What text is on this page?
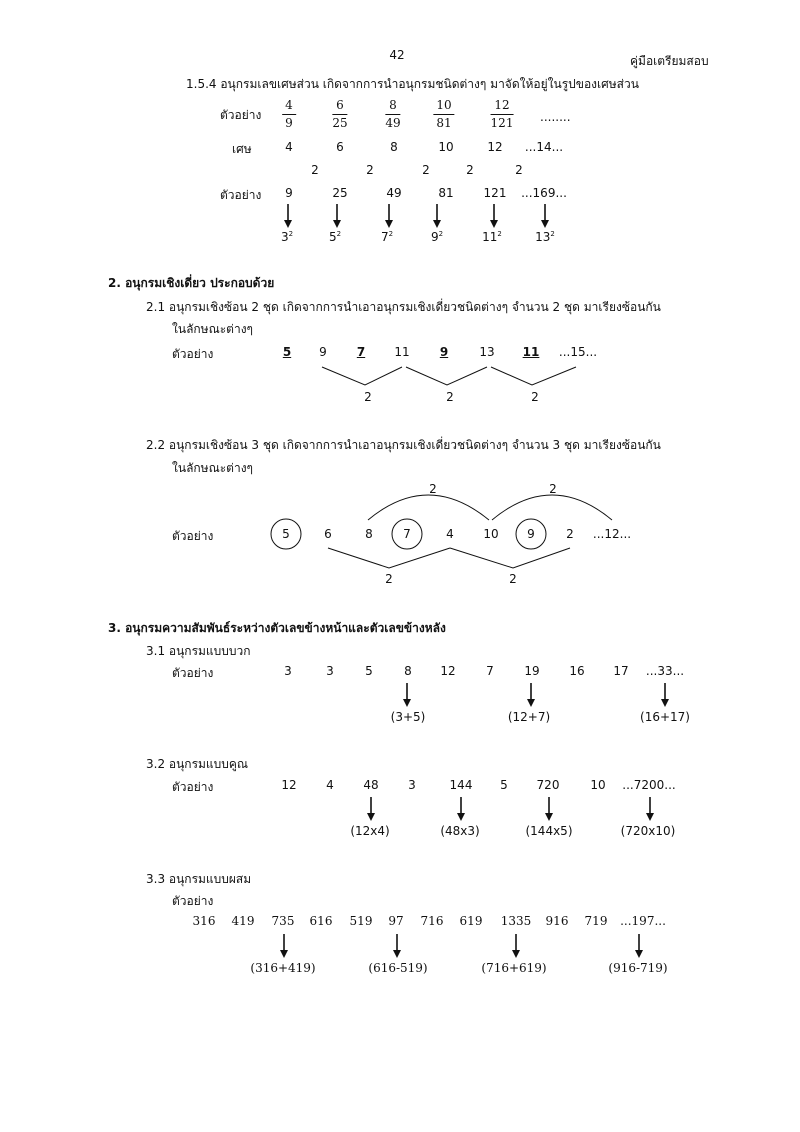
42	คู่มือเตรียมสอบ
1.5.4 อนุกรมเลขเศษส่วน เกิดจากการนำอนุกรมชนิดต่างๆ มาจัดให้อยู่ในรูปของเศษส่วน
ตัวอย่าง $\frac{4}{9}$	$\frac{6}{25}$	$\frac{8}{49}$	$\frac{10}{81}$	$\frac{12}{121}$ ........
เศษ	4	6	8	10	12 ...14...
2	2	2	2	2
ตัวอย่าง 9	25	49	81 121 ...169...
$3^2$	$5^2$	$7^2$	$9^2$	$11^2$	$13^2$
2. อนุกรมเชิงเดี่ยว ประกอบด้วย
2.1 อนุกรมเชิงซ้อน 2 ชุด เกิดจากการนำเอาอนุกรมเชิงเดี่ยวชนิดต่างๆ จำนวน 2 ชุด มาเรียงซ้อนกัน
ในลักษณะต่างๆ
ตัวอย่าง	5 9	7 11	9	13 11 ...15...
2	2	2
2.2 อนุกรมเชิงซ้อน 3 ชุด เกิดจากการนำเอาอนุกรมเชิงเดี่ยวชนิดต่างๆ จำนวน 3 ชุด มาเรียงซ้อนกัน
ในลักษณะต่างๆ
2	2
ตัวอย่าง	5	6	8	7	4 10 9	2 ...12...
2	2
3. อนุกรมความสัมพันธ์ระหว่างตัวเลขข้างหน้าและตัวเลขข้างหลัง
3.1 อนุกรมแบบบวก
ตัวอย่าง	3	3	5	8 12	7	19 16 17 ...33...
(3+5)	(12+7)	(16+17)
3.2 อนุกรมแบบคูณ
ตัวอย่าง	12 4 48 3	144 5 720	10 ...7200...
(12x4)	(48x3)	(144x5)	(720x10)
3.3 อนุกรมแบบผสม
ตัวอย่าง
316 419 735 616 519 97 716 619 1335 916 719 ...197...
(316+419)	(616-519)	(716+619)	(916-719)
